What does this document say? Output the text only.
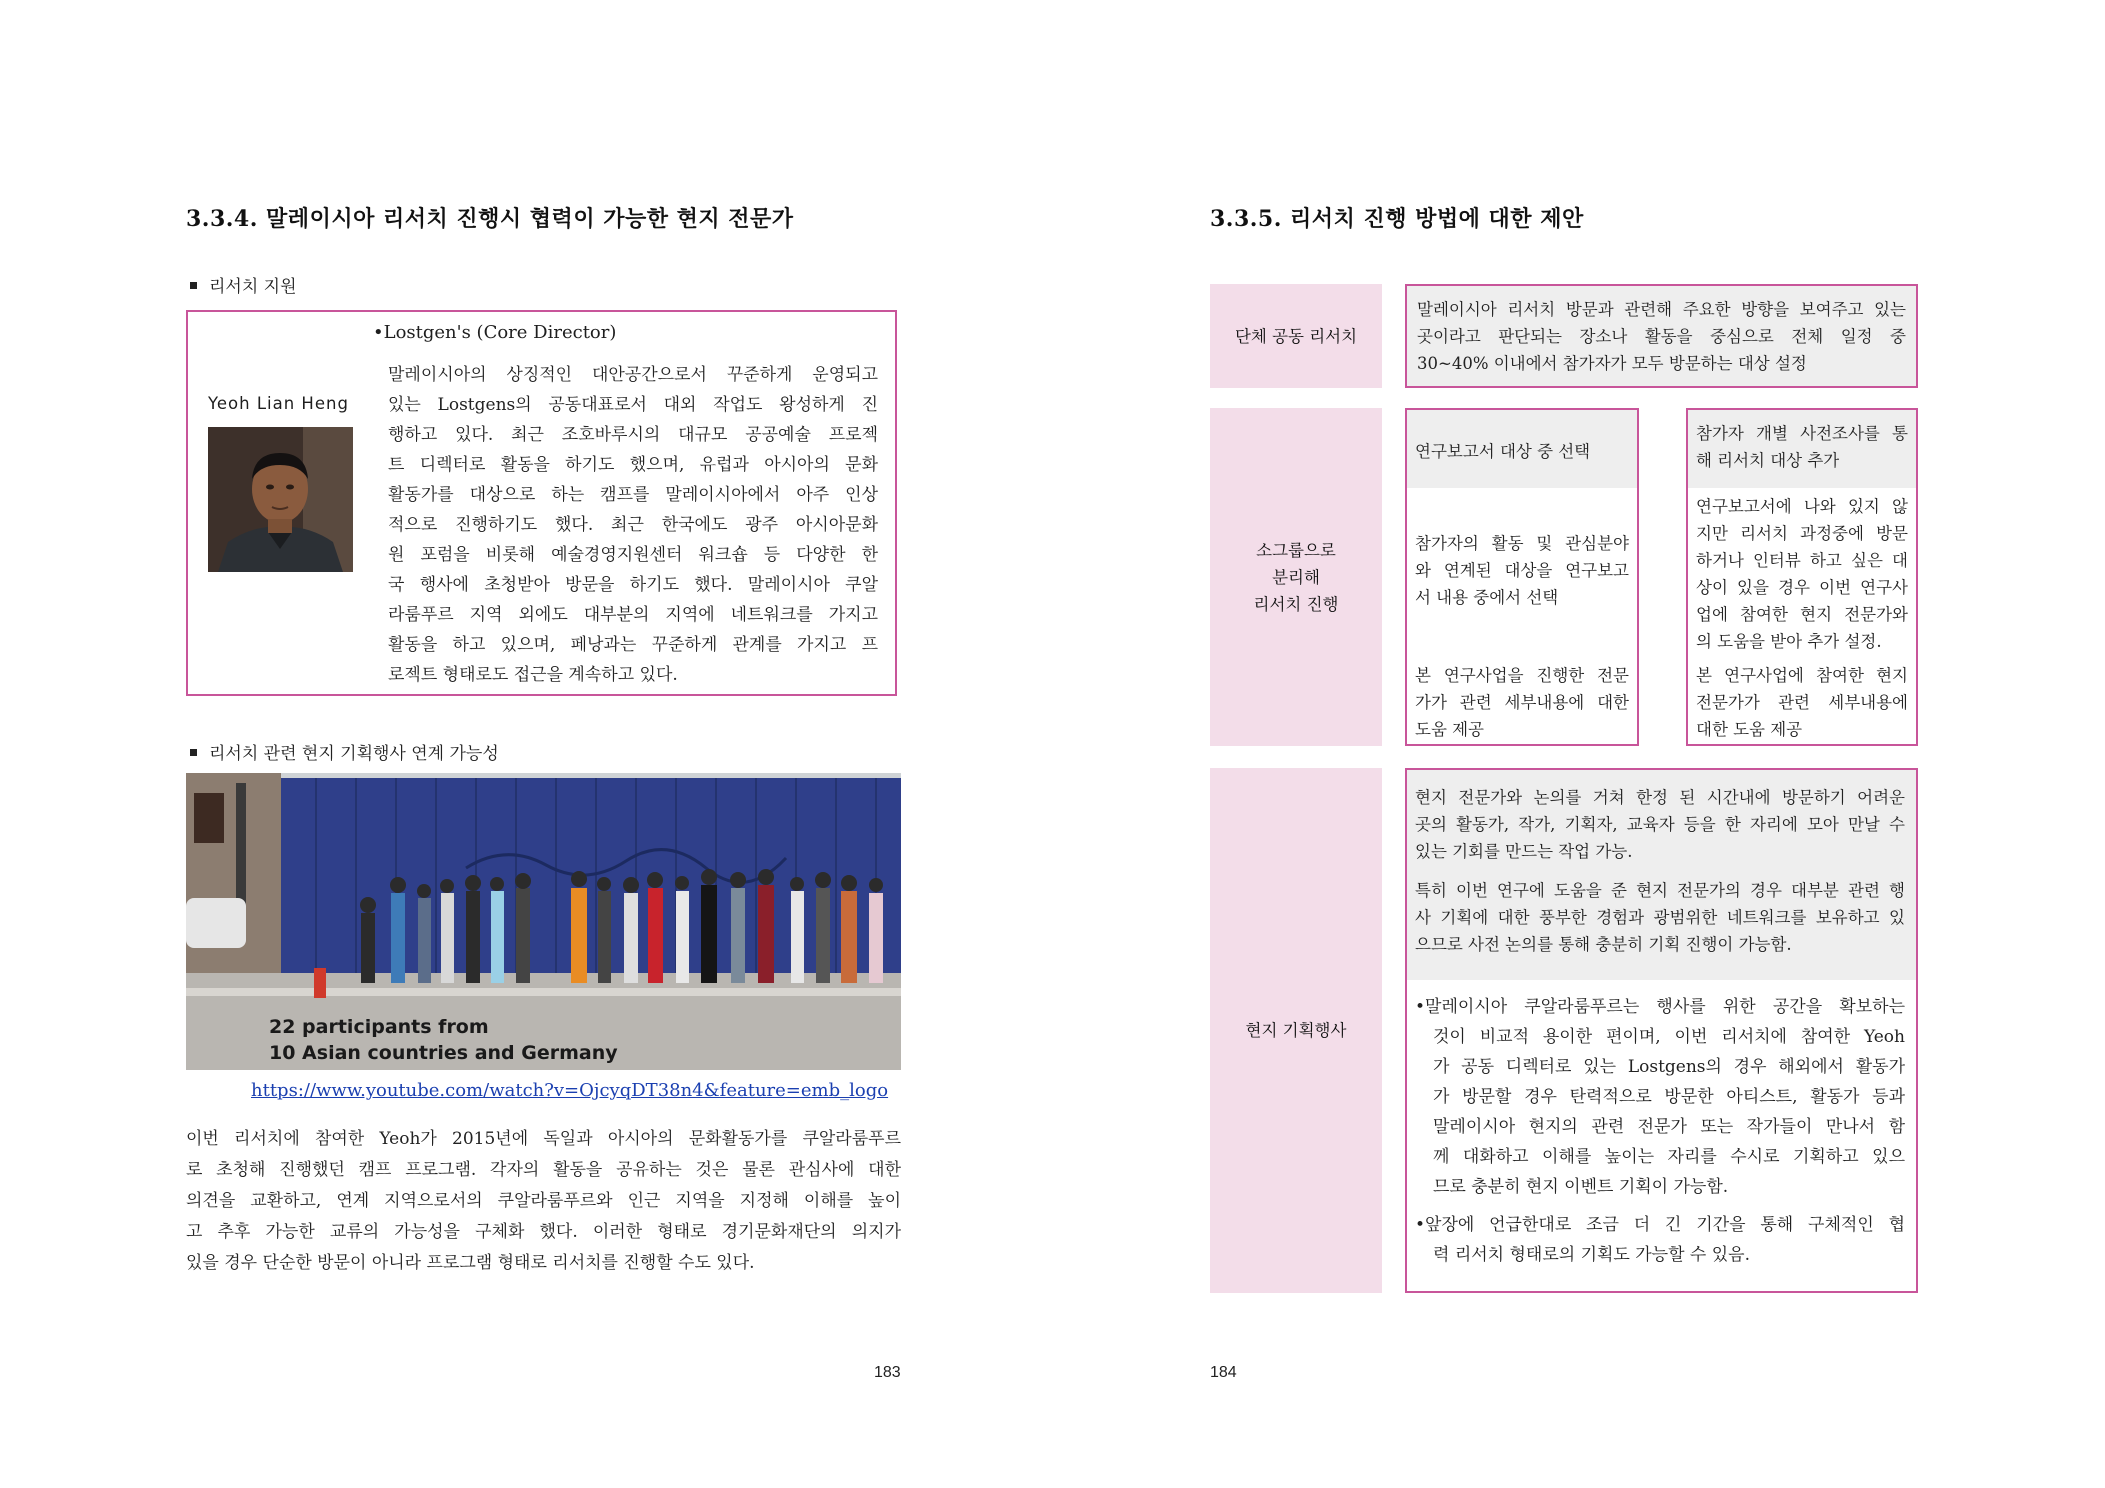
3.3.4. 말레이시아 리서치 진행시 협력이 가능한 현지 전문가
리서치 지원
•Lostgen's (Core Director)
Yeoh Lian Heng

말레이시아의 상징적인 대안공간으로서 꾸준하게 운영되고

있는 Lostgens의 공동대표로서 대외 작업도 왕성하게 진

행하고 있다. 최근 조호바루시의 대규모 공공예술 프로젝

트 디렉터로 활동을 하기도 했으며, 유럽과 아시아의 문화

활동가를 대상으로 하는 캠프를 말레이시아에서 아주 인상

적으로 진행하기도 했다. 최근 한국에도 광주 아시아문화

원 포럼을 비롯해 예술경영지원센터 워크숍 등 다양한 한

국 행사에 초청받아 방문을 하기도 했다. 말레이시아 쿠알

라룸푸르 지역 외에도 대부분의 지역에 네트워크를 가지고

활동을 하고 있으며, 페낭과는 꾸준하게 관계를 가지고 프

로젝트 형태로도 접근을 계속하고 있다.

리서치 관련 현지 기획행사 연계 가능성
22 participants from
10 Asian countries and Germany
https://www.youtube.com/watch?v=OjcyqDT38n4&feature=emb_logo

이번 리서치에 참여한 Yeoh가 2015년에 독일과 아시아의 문화활동가를 쿠알라룸푸르

로 초청해 진행했던 캠프 프로그램. 각자의 활동을 공유하는 것은 물론 관심사에 대한

의견을 교환하고, 연계 지역으로서의 쿠알라룸푸르와 인근 지역을 지정해 이해를 높이

고 추후 가능한 교류의 가능성을 구체화 했다. 이러한 형태로 경기문화재단의 의지가

있을 경우 단순한 방문이 아니라 프로그램 형태로 리서치를 진행할 수도 있다.

183
3.3.5. 리서치 진행 방법에 대한 제안
단체 공동 리서치
말레이시아 리서치 방문과 관련해 주요한 방향을 보여주고 있는
곳이라고 판단되는 장소나 활동을 중심으로 전체 일정 중
30~40% 이내에서 참가자가 모두 방문하는 대상 설정
소그룹으로
분리해
리서치 진행
연구보고서 대상 중 선택
참가자의 활동 및 관심분야
와 연계된 대상을 연구보고
서 내용 중에서 선택
본 연구사업을 진행한 전문
가가 관련 세부내용에 대한
도움 제공
참가자 개별 사전조사를 통
해 리서치 대상 추가
연구보고서에 나와 있지 않
지만 리서치 과정중에 방문
하거나 인터뷰 하고 싶은 대
상이 있을 경우 이번 연구사
업에 참여한 현지 전문가와
의 도움을 받아 추가 설정.
본 연구사업에 참여한 현지
전문가가 관련 세부내용에
대한 도움 제공
현지 기획행사
현지 전문가와 논의를 거쳐 한정 된 시간내에 방문하기 어려운
곳의 활동가, 작가, 기획자, 교육자 등을 한 자리에 모아 만날 수
있는 기회를 만드는 작업 가능.
특히 이번 연구에 도움을 준 현지 전문가의 경우 대부분 관련 행
사 기획에 대한 풍부한 경험과 광범위한 네트워크를 보유하고 있
으므로 사전 논의를 통해 충분히 기획 진행이 가능함.
•말레이시아 쿠알라룸푸르는 행사를 위한 공간을 확보하는
것이 비교적 용이한 편이며, 이번 리서치에 참여한 Yeoh
가 공동 디렉터로 있는 Lostgens의 경우 해외에서 활동가
가 방문할 경우 탄력적으로 방문한 아티스트, 활동가 등과
말레이시아 현지의 관련 전문가 또는 작가들이 만나서 함
께 대화하고 이해를 높이는 자리를 수시로 기획하고 있으
므로 충분히 현지 이벤트 기획이 가능함.
•앞장에 언급한대로 조금 더 긴 기간을 통해 구체적인 협
력 리서치 형태로의 기획도 가능할 수 있음.
184
